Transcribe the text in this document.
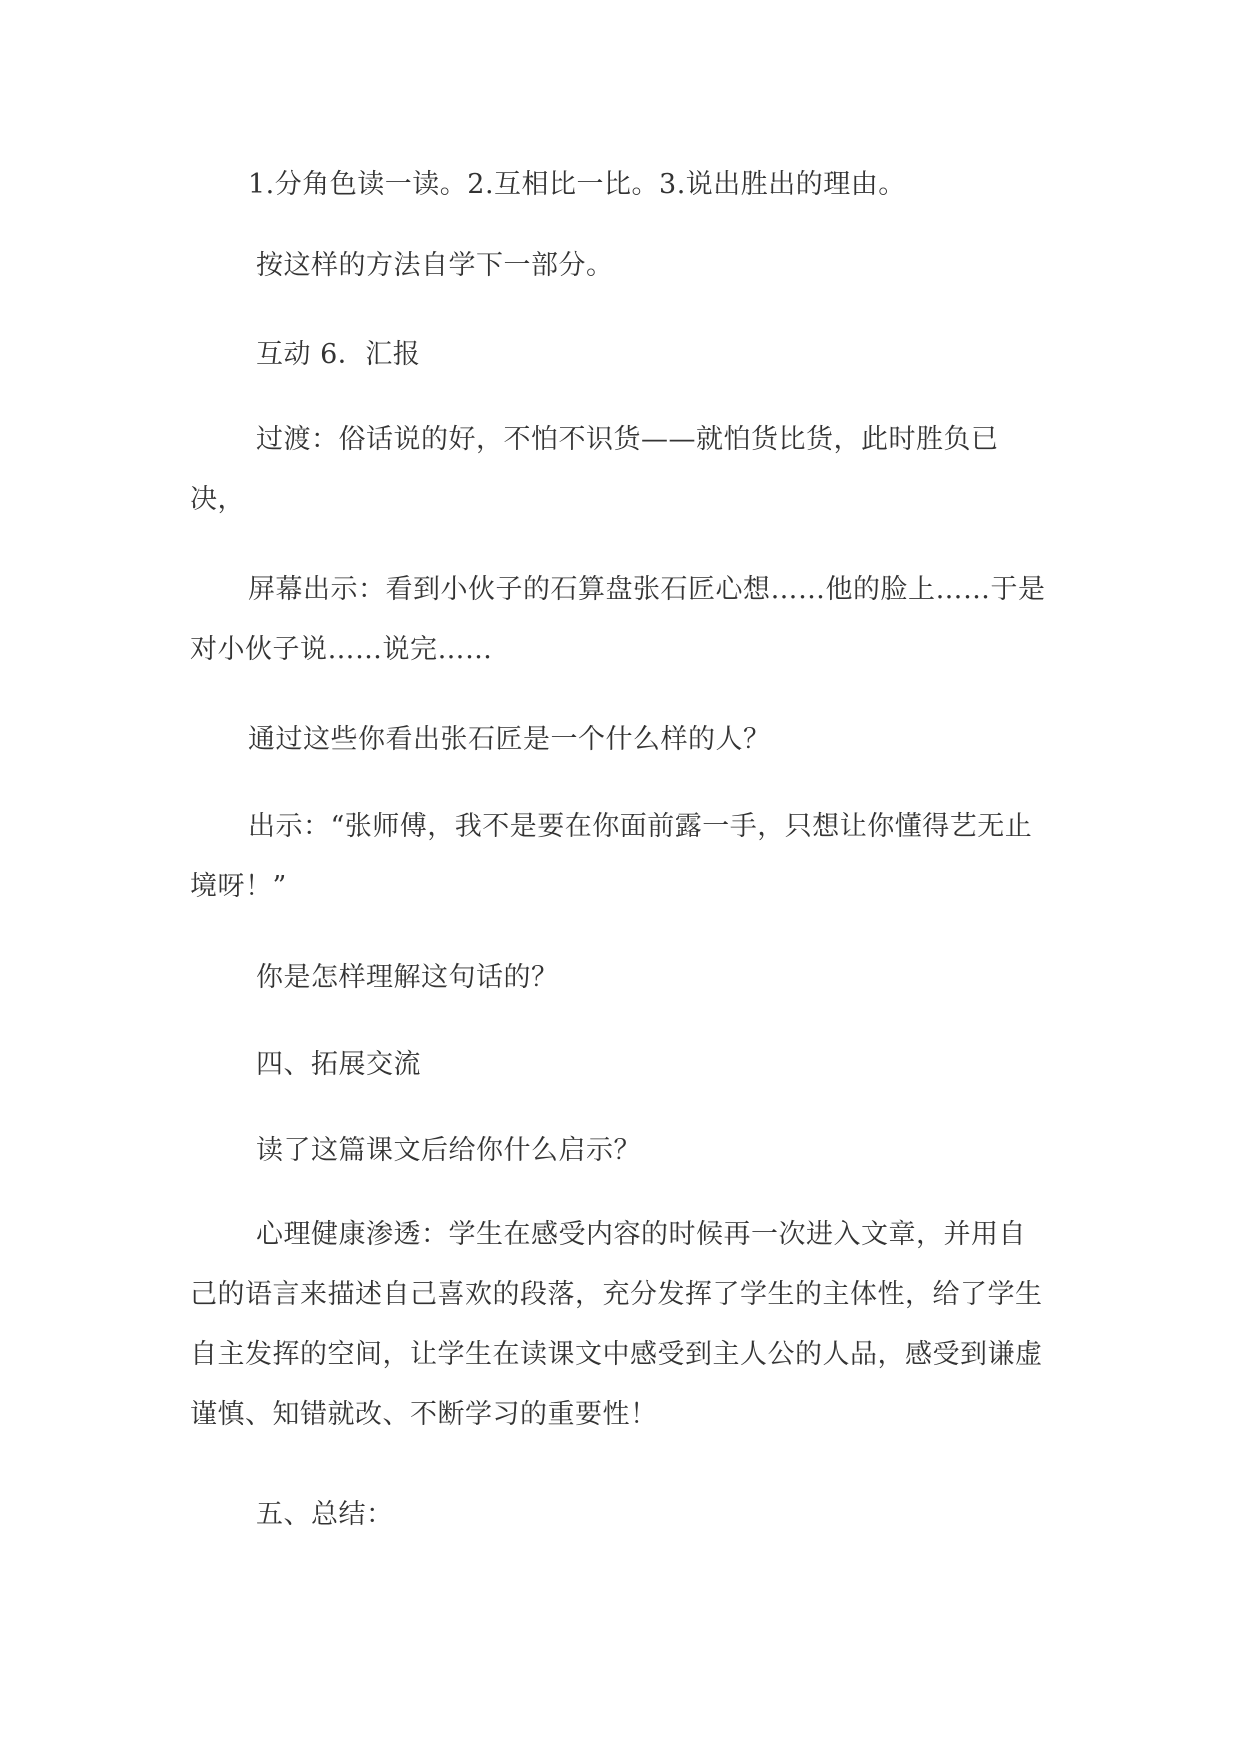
1.分角色读一读。2.互相比一比。3.说出胜出的理由。

按这样的方法自学下一部分。

互动 6．汇报

过渡：俗话说的好，不怕不识货——就怕货比货，此时胜负已决，

屏幕出示：看到小伙子的石算盘张石匠心想……他的脸上……于是对小伙子说……说完……

通过这些你看出张石匠是一个什么样的人？

出示：“张师傅，我不是要在你面前露一手，只想让你懂得艺无止境呀！”

你是怎样理解这句话的？

四、拓展交流

读了这篇课文后给你什么启示？

心理健康渗透：学生在感受内容的时候再一次进入文章，并用自己的语言来描述自己喜欢的段落，充分发挥了学生的主体性，给了学生自主发挥的空间，让学生在读课文中感受到主人公的人品，感受到谦虚谨慎、知错就改、不断学习的重要性！

五、总结：
